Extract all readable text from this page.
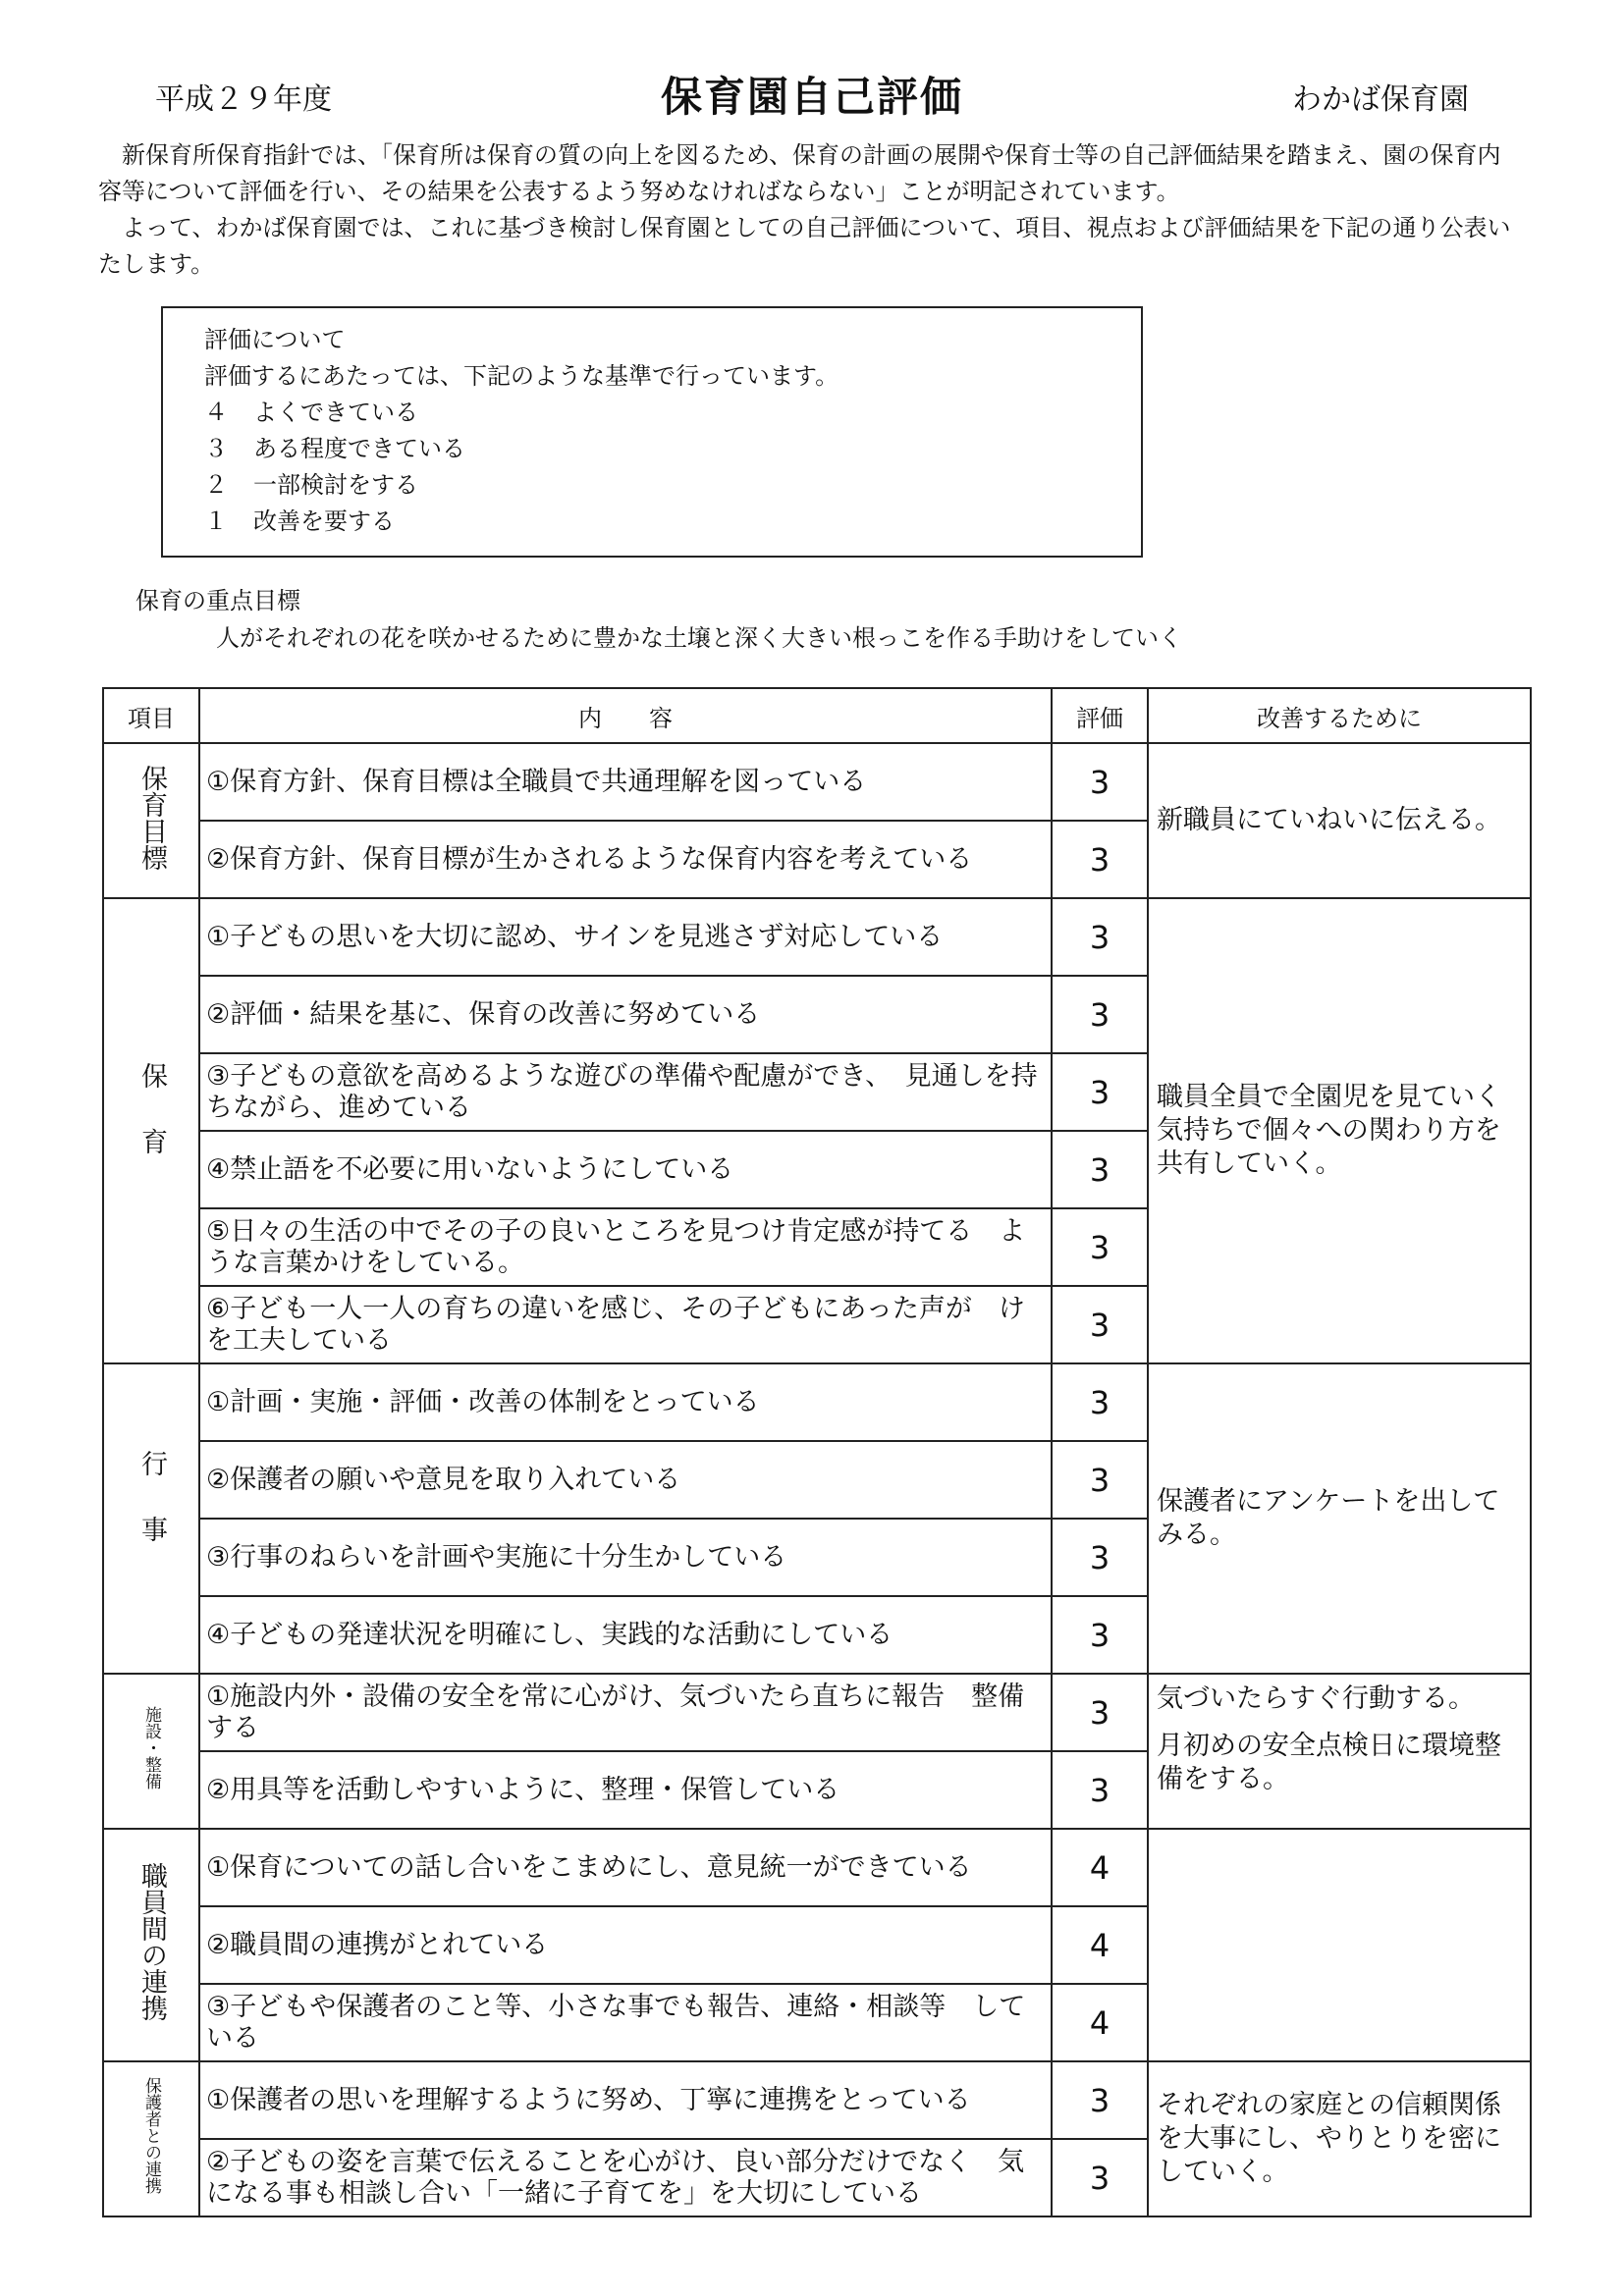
平成２９年度	保育園自己評価	わかば保育園

　新保育所保育指針では、「保育所は保育の質の向上を図るため、保育の計画の展開や保育士等の自己評価結果を踏まえ、園の保育内容等について評価を行い、その結果を公表するよう努めなければならない」ことが明記されています。

　よって、わかば保育園では、これに基づき検討し保育園としての自己評価について、項目、視点および評価結果を下記の通り公表いたします。

評価について
評価するにあたっては、下記のような基準で行っています。
４	よくできている
３	ある程度できている
２	一部検討をする
１	改善を要する
保育の重点目標
人がそれぞれの花を咲かせるために豊かな土壌と深く大きい根っこを作る手助けをしていく
項目	内　　容	評価	改善するために
保育目標	①保育方針、保育目標は全職員で共通理解を図っている	3	新職員にていねいに伝える。

	②保育方針、保育目標が生かされるような保育内容を考えている	3	
保育	①子どもの思いを大切に認め、サインを見逃さず対応している	3	職員全員で全園児を見ていく気持ちで個々への関わり方を共有していく。

	②評価・結果を基に、保育の改善に努めている	3	
	③子どもの意欲を高めるような遊びの準備や配慮ができ、　見通しを持ちながら、進めている	3	
	④禁止語を不必要に用いないようにしている	3	
	⑤日々の生活の中でその子の良いところを見つけ肯定感が持てる　ような言葉かけをしている。	3	
	⑥子ども一人一人の育ちの違いを感じ、その子どもにあった声が　けを工夫している	3	
行事	①計画・実施・評価・改善の体制をとっている	3	保護者にアンケートを出してみる。

	②保護者の願いや意見を取り入れている	3	
	③行事のねらいを計画や実施に十分生かしている	3	
	④子どもの発達状況を明確にし、実践的な活動にしている	3	
施設・整備	①施設内外・設備の安全を常に心がけ、気づいたら直ちに報告　整備する	3	気づいたらすぐ行動する。

月初めの安全点検日に環境整備をする。

	②用具等を活動しやすいように、整理・保管している	3	
職員間の連携	①保育についての話し合いをこまめにし、意見統一ができている	4	
	②職員間の連携がとれている	4	
	③子どもや保護者のこと等、小さな事でも報告、連絡・相談等　している	4	
保護者との連携	①保護者の思いを理解するように努め、丁寧に連携をとっている	3	それぞれの家庭との信頼関係を大事にし、やりとりを密にしていく。

	②子どもの姿を言葉で伝えることを心がけ、良い部分だけでなく　気になる事も相談し合い「一緒に子育てを」を大切にしている	3	
